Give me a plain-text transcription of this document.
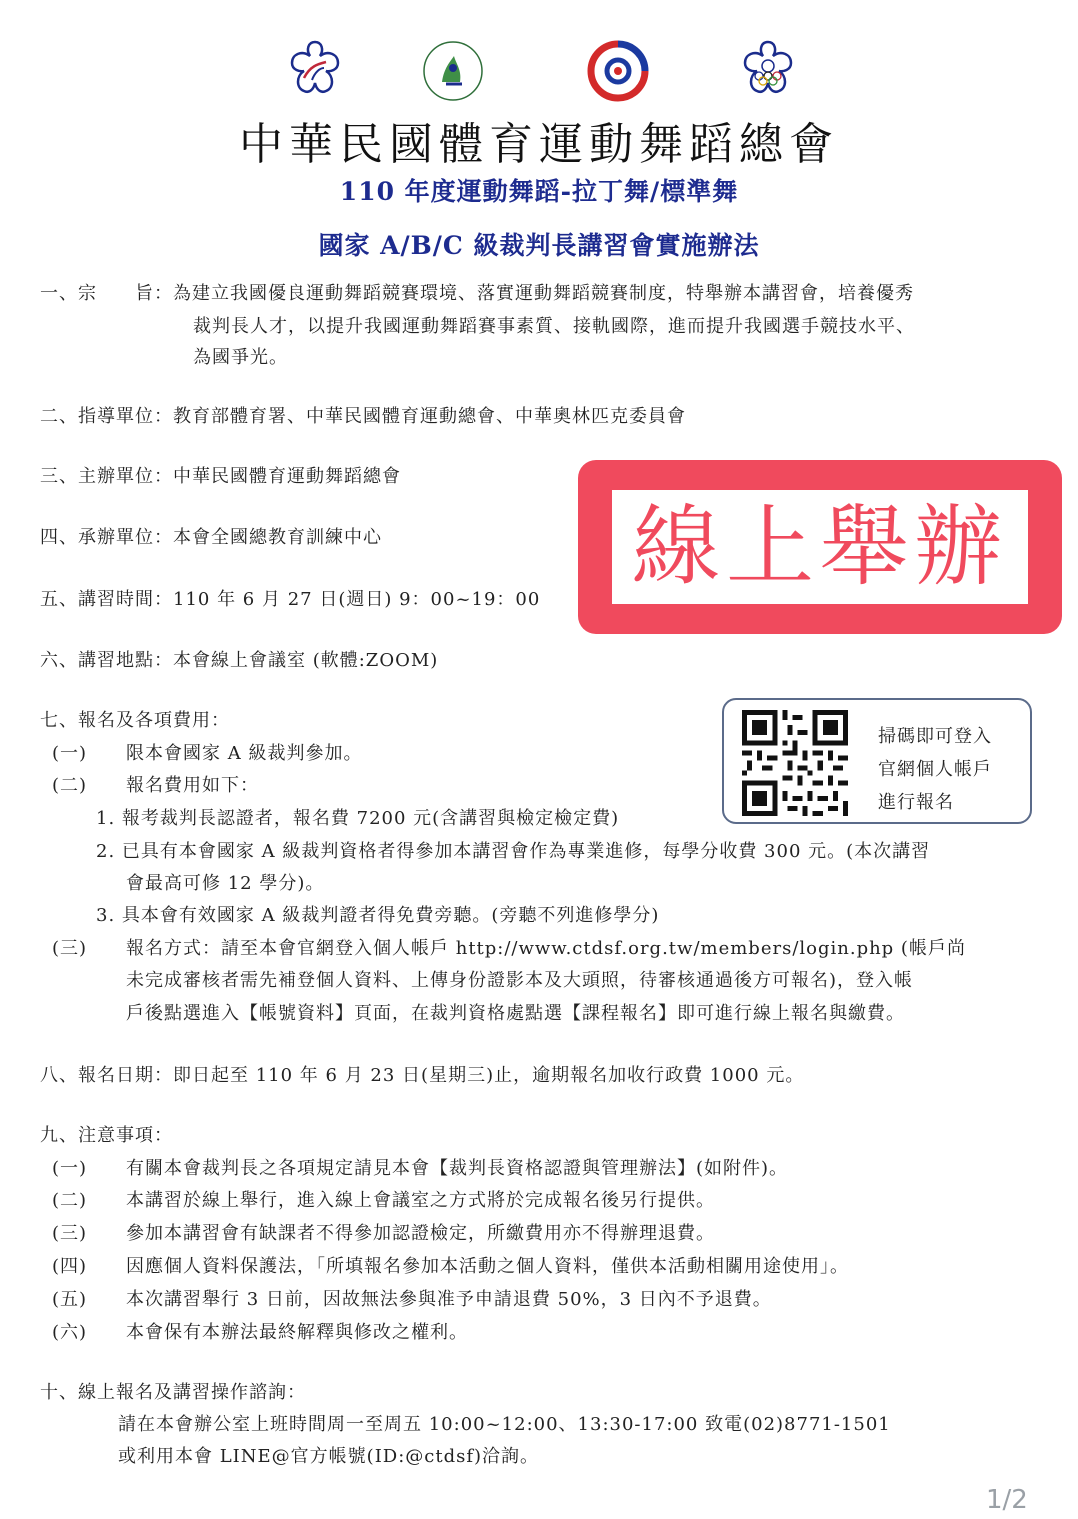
中華民國體育運動舞蹈總會
110 年度運動舞蹈-拉丁舞/標準舞
國家 A/B/C 級裁判長講習會實施辦法
一、宗　　旨：為建立我國優良運動舞蹈競賽環境、落實運動舞蹈競賽制度，特舉辦本講習會，培養優秀
裁判長人才，以提升我國運動舞蹈賽事素質、接軌國際，進而提升我國選手競技水平、
為國爭光。
二、指導單位：教育部體育署、中華民國體育運動總會、中華奧林匹克委員會
三、主辦單位：中華民國體育運動舞蹈總會
四、承辦單位：本會全國總教育訓練中心
五、講習時間：110 年 6 月 27 日(週日) 9：00~19：00
六、講習地點：本會線上會議室 (軟體:ZOOM)
線上舉辦
七、報名及各項費用：
(一) 限本會國家 A 級裁判參加。
(二) 報名費用如下：
1. 報考裁判長認證者，報名費 7200 元(含講習與檢定檢定費)
2. 已具有本會國家 A 級裁判資格者得參加本講習會作為專業進修，每學分收費 300 元。(本次講習
會最高可修 12 學分)。
3. 具本會有效國家 A 級裁判證者得免費旁聽。(旁聽不列進修學分)
(三) 報名方式：請至本會官網登入個人帳戶 http://www.ctdsf.org.tw/members/login.php (帳戶尚
未完成審核者需先補登個人資料、上傳身份證影本及大頭照，待審核通過後方可報名)，登入帳
戶後點選進入【帳號資料】頁面，在裁判資格處點選【課程報名】即可進行線上報名與繳費。
掃碼即可登入
官網個人帳戶
進行報名
八、報名日期：即日起至 110 年 6 月 23 日(星期三)止，逾期報名加收行政費 1000 元。
九、注意事項：
(一) 有關本會裁判長之各項規定請見本會【裁判長資格認證與管理辦法】(如附件)。
(二) 本講習於線上舉行，進入線上會議室之方式將於完成報名後另行提供。
(三) 參加本講習會有缺課者不得參加認證檢定，所繳費用亦不得辦理退費。
(四) 因應個人資料保護法，「所填報名參加本活動之個人資料，僅供本活動相關用途使用」。
(五) 本次講習舉行 3 日前，因故無法參與准予申請退費 50%，3 日內不予退費。
(六) 本會保有本辦法最終解釋與修改之權利。
十、線上報名及講習操作諮詢：
請在本會辦公室上班時間周一至周五 10:00~12:00、13:30-17:00 致電(02)8771-1501
或利用本會 LINE@官方帳號(ID:@ctdsf)洽詢。
1/2
